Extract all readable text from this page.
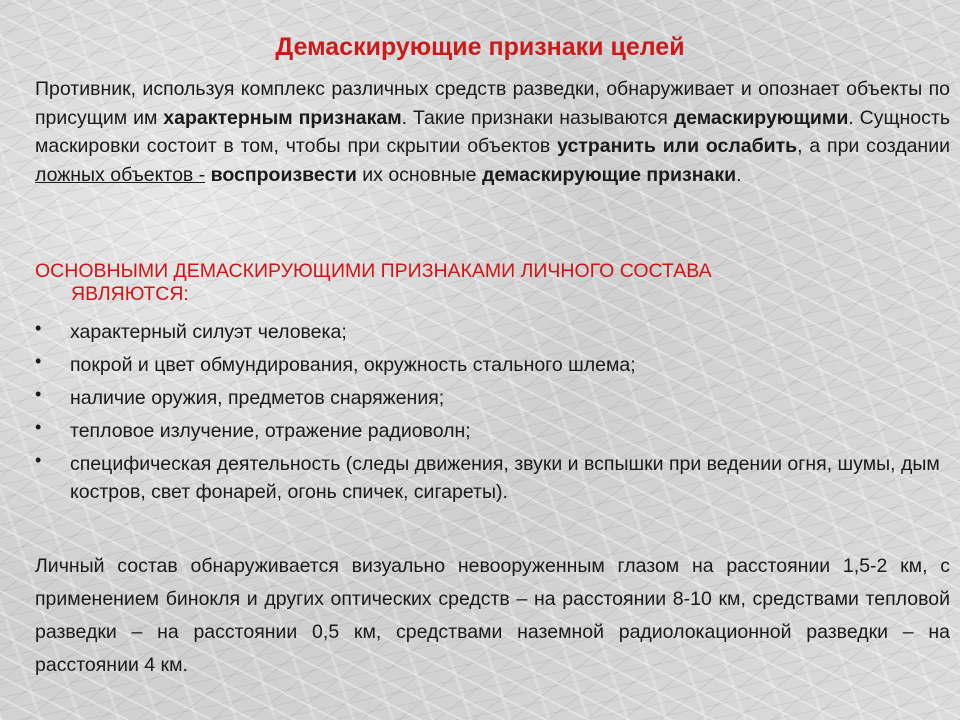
Демаскирующие признаки целей
Противник, используя комплекс различных средств разведки, обнаруживает и опознает объекты по присущим им характерным признакам. Такие признаки называются демаскирующими. Сущность маскировки состоит в том, чтобы при скрытии объектов устранить или ослабить, а при создании ложных объектов - воспроизвести их основные демаскирующие признаки.
ОСНОВНЫМИ ДЕМАСКИРУЮЩИМИ ПРИЗНАКАМИ ЛИЧНОГО СОСТАВА
ЯВЛЯЮТСЯ:
• характерный силуэт человека;
• покрой и цвет обмундирования, окружность стального шлема;
• наличие оружия, предметов снаряжения;
• тепловое излучение, отражение радиоволн;
• специфическая деятельность (следы движения, звуки и вспышки при ведении огня, шумы, дым костров, свет фонарей, огонь спичек, сигареты).
Личный состав обнаруживается визуально невооруженным глазом на расстоянии 1,5-2 км, с применением бинокля и других оптических средств – на расстоянии 8-10 км, средствами тепловой разведки – на расстоянии 0,5 км, средствами наземной радиолокационной разведки – на расстоянии 4 км.
